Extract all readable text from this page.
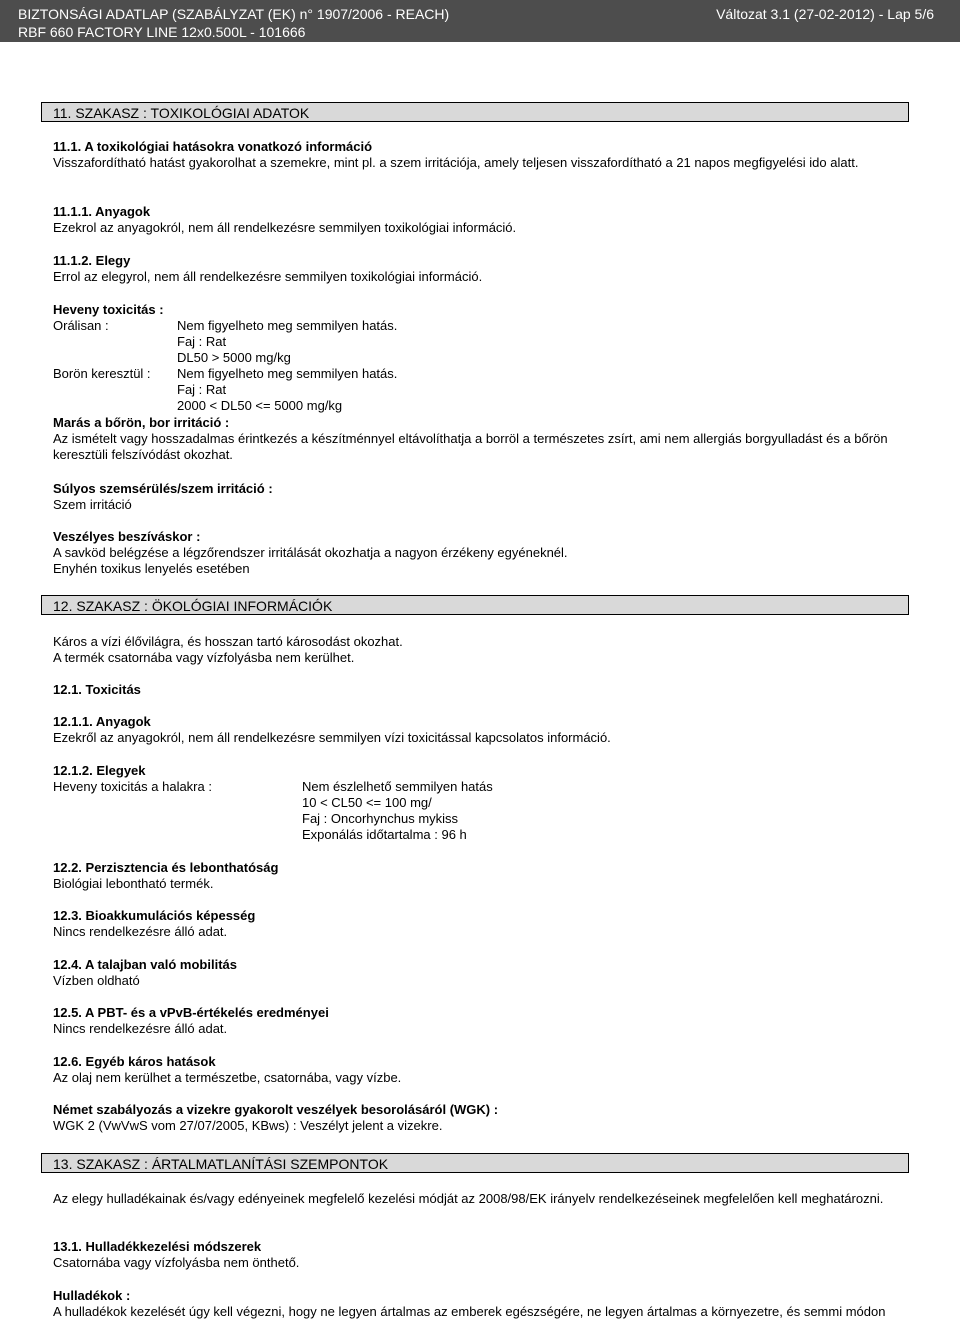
BIZTONSÁGI ADATLAP (SZABÁLYZAT (EK) n° 1907/2006 - REACH)	Változat 3.1 (27-02-2012) - Lap 5/6
RBF 660 FACTORY LINE 12x0.500L - 101666
11. SZAKASZ : TOXIKOLÓGIAI ADATOK
11.1. A toxikológiai hatásokra vonatkozó információ
Visszafordítható hatást gyakorolhat a szemekre, mint pl. a szem irritációja, amely teljesen visszafordítható a 21 napos megfigyelési ido alatt.
11.1.1. Anyagok
Ezekrol az anyagokról, nem áll rendelkezésre semmilyen toxikológiai információ.
11.1.2. Elegy
Errol az elegyrol, nem áll rendelkezésre semmilyen toxikológiai információ.
Heveny toxicitás :
Orálisan :	Nem figyelheto meg semmilyen hatás.
Faj : Rat
DL50 > 5000 mg/kg
Borön keresztül : Nem figyelheto meg semmilyen hatás.
Faj : Rat
2000 < DL50 <= 5000 mg/kg
Marás a bőrön, bor irritáció :
Az ismételt vagy hosszadalmas érintkezés a készítménnyel eltávolíthatja a borröl a természetes zsírt, ami nem allergiás borgyulladást és a bőrön keresztüli felszívódást okozhat.
Súlyos szemsérülés/szem irritáció :
Szem irritáció
Veszélyes beszíváskor :
A savköd belégzése a légzőrendszer irritálását okozhatja a nagyon érzékeny egyéneknél.
Enyhén toxikus lenyelés esetében
12. SZAKASZ : ÖKOLÓGIAI INFORMÁCIÓK
Káros a vízi élővilágra, és hosszan tartó károsodást okozhat.
A termék csatornába vagy vízfolyásba nem kerülhet.
12.1. Toxicitás
12.1.1. Anyagok
Ezekről az anyagokról, nem áll rendelkezésre semmilyen vízi toxicitással kapcsolatos információ.
12.1.2. Elegyek
Heveny toxicitás a halakra :	Nem észlelhető semmilyen hatás
10 < CL50 <= 100 mg/
Faj : Oncorhynchus mykiss
Exponálás időtartalma : 96 h
12.2. Perzisztencia és lebonthatóság
Biológiai lebontható termék.
12.3. Bioakkumulációs képesség
Nincs rendelkezésre álló adat.
12.4. A talajban való mobilitás
Vízben oldható
12.5. A PBT- és a vPvB-értékelés eredményei
Nincs rendelkezésre álló adat.
12.6. Egyéb káros hatások
Az olaj nem kerülhet a természetbe, csatornába, vagy vízbe.
Német szabályozás a vizekre gyakorolt veszélyek besorolásáról (WGK) :
WGK 2 (VwVwS vom 27/07/2005, KBws) : Veszélyt jelent a vizekre.
13. SZAKASZ : ÁRTALMATLANÍTÁSI SZEMPONTOK
Az elegy hulladékainak és/vagy edényeinek megfelelő kezelési módját az 2008/98/EK irányelv rendelkezéseinek megfelelően kell meghatározni.
13.1. Hulladékkezelési módszerek
Csatornába vagy vízfolyásba nem önthető.
Hulladékok :
A hulladékok kezelését úgy kell végezni, hogy ne legyen ártalmas az emberek egészségére, ne legyen ártalmas a környezetre, és semmi módon
